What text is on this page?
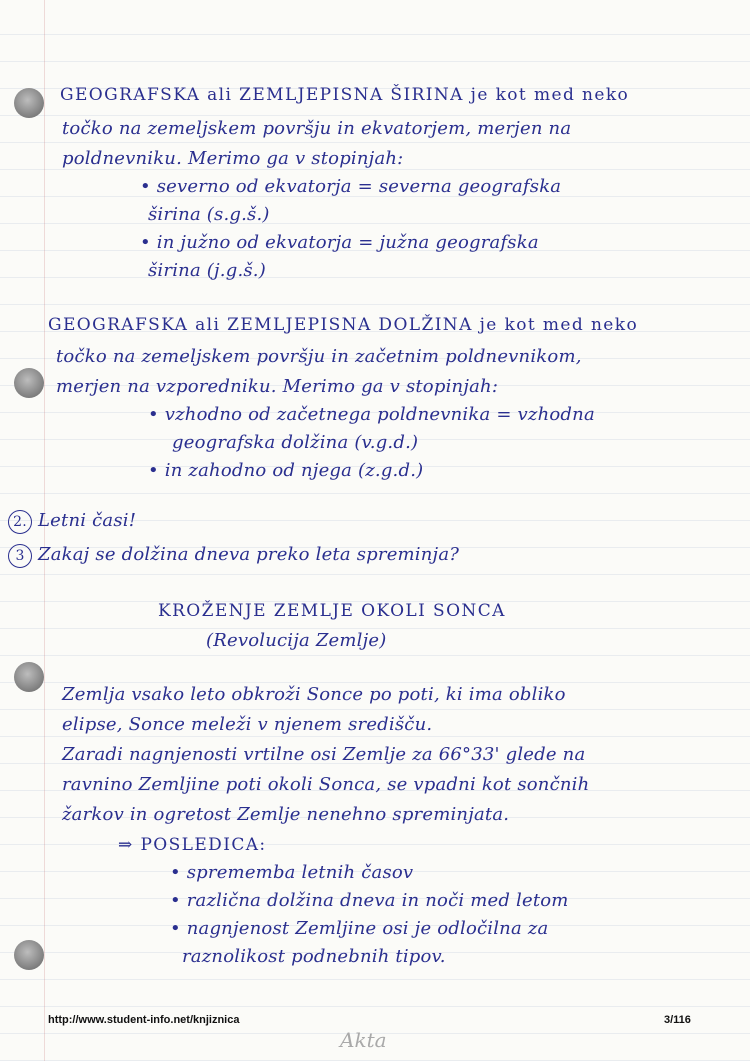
GEOGRAFSKA ali ZEMLJEPISNA ŠIRINA je kot med neko
točko na zemeljskem površju in ekvatorjem, merjen na
poldnevniku. Merimo ga v stopinjah:
• severno od ekvatorja = severna geografska
širina (s.g.š.)
• in južno od ekvatorja = južna geografska
širina (j.g.š.)
GEOGRAFSKA ali ZEMLJEPISNA DOLŽINA je kot med neko
točko na zemeljskem površju in začetnim poldnevnikom,
merjen na vzporedniku. Merimo ga v stopinjah:
• vzhodno od začetnega poldnevnika = vzhodna
geografska dolžina (v.g.d.)
• in zahodno od njega (z.g.d.)
2. Letni časi!
3 Zakaj se dolžina dneva preko leta spreminja?
KROŽENJE ZEMLJE OKOLI SONCA
(Revolucija Zemlje)
Zemlja vsako leto obkroži Sonce po poti, ki ima obliko
elipse, Sonce meleži v njenem središču.
Zaradi nagnjenosti vrtilne osi Zemlje za 66°33' glede na
ravnino Zemljine poti okoli Sonca, se vpadni kot sončnih
žarkov in ogretost Zemlje nenehno spreminjata.
⇒ POSLEDICA:
• sprememba letnih časov
• različna dolžina dneva in noči med letom
• nagnjenost Zemljine osi je odločilna za
raznolikost podnebnih tipov.
http://www.student-info.net/knjiznica	3/116
Akta
